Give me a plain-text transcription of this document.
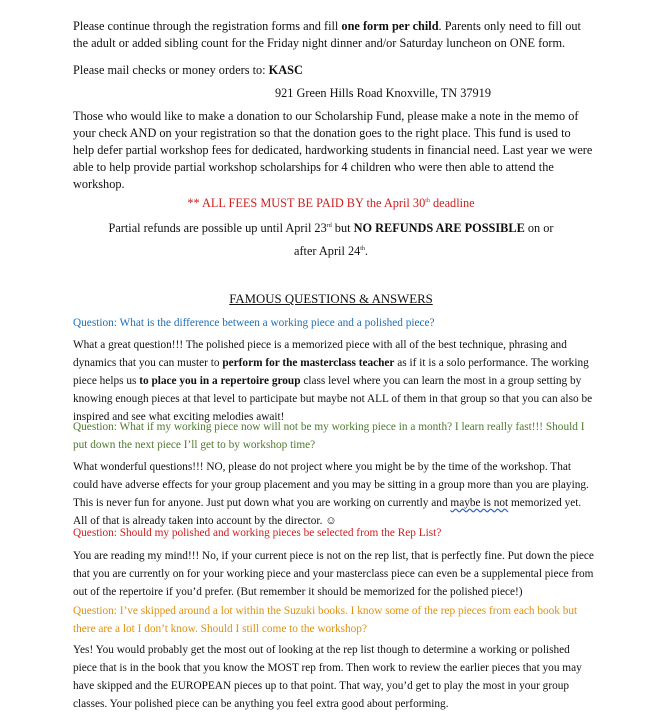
Please continue through the registration forms and fill one form per child. Parents only need to fill out the adult or added sibling count for the Friday night dinner and/or Saturday luncheon on ONE form.

Please mail checks or money orders to: KASC

921 Green Hills Road Knoxville, TN 37919

Those who would like to make a donation to our Scholarship Fund, please make a note in the memo of your check AND on your registration so that the donation goes to the right place. This fund is used to help defer partial workshop fees for dedicated, hardworking students in financial need. Last year we were able to help provide partial workshop scholarships for 4 children who were then able to attend the workshop.

** ALL FEES MUST BE PAID BY the April 30th deadline

Partial refunds are possible up until April 23rd but NO REFUNDS ARE POSSIBLE on or

after April 24th.

FAMOUS QUESTIONS & ANSWERS

Question: What is the difference between a working piece and a polished piece?

What a great question!!! The polished piece is a memorized piece with all of the best technique, phrasing and dynamics that you can muster to perform for the masterclass teacher as if it is a solo performance. The working piece helps us to place you in a repertoire group class level where you can learn the most in a group setting by knowing enough pieces at that level to participate but maybe not ALL of them in that group so that you can also be inspired and see what exciting melodies await!

Question: What if my working piece now will not be my working piece in a month? I learn really fast!!! Should I put down the next piece I’ll get to by workshop time?

What wonderful questions!!! NO, please do not project where you might be by the time of the workshop. That could have adverse effects for your group placement and you may be sitting in a group more than you are playing. This is never fun for anyone. Just put down what you are working on currently and maybe is not memorized yet. All of that is already taken into account by the director. ☺

Question: Should my polished and working pieces be selected from the Rep List?

You are reading my mind!!! No, if your current piece is not on the rep list, that is perfectly fine. Put down the piece that you are currently on for your working piece and your masterclass piece can even be a supplemental piece from out of the repertoire if you’d prefer. (But remember it should be memorized for the polished piece!)

Question: I’ve skipped around a lot within the Suzuki books. I know some of the rep pieces from each book but there are a lot I don’t know. Should I still come to the workshop?

Yes! You would probably get the most out of looking at the rep list though to determine a working or polished piece that is in the book that you know the MOST rep from. Then work to review the earlier pieces that you may have skipped and the EUROPEAN pieces up to that point. That way, you’d get to play the most in your group classes. Your polished piece can be anything you feel extra good about performing.
